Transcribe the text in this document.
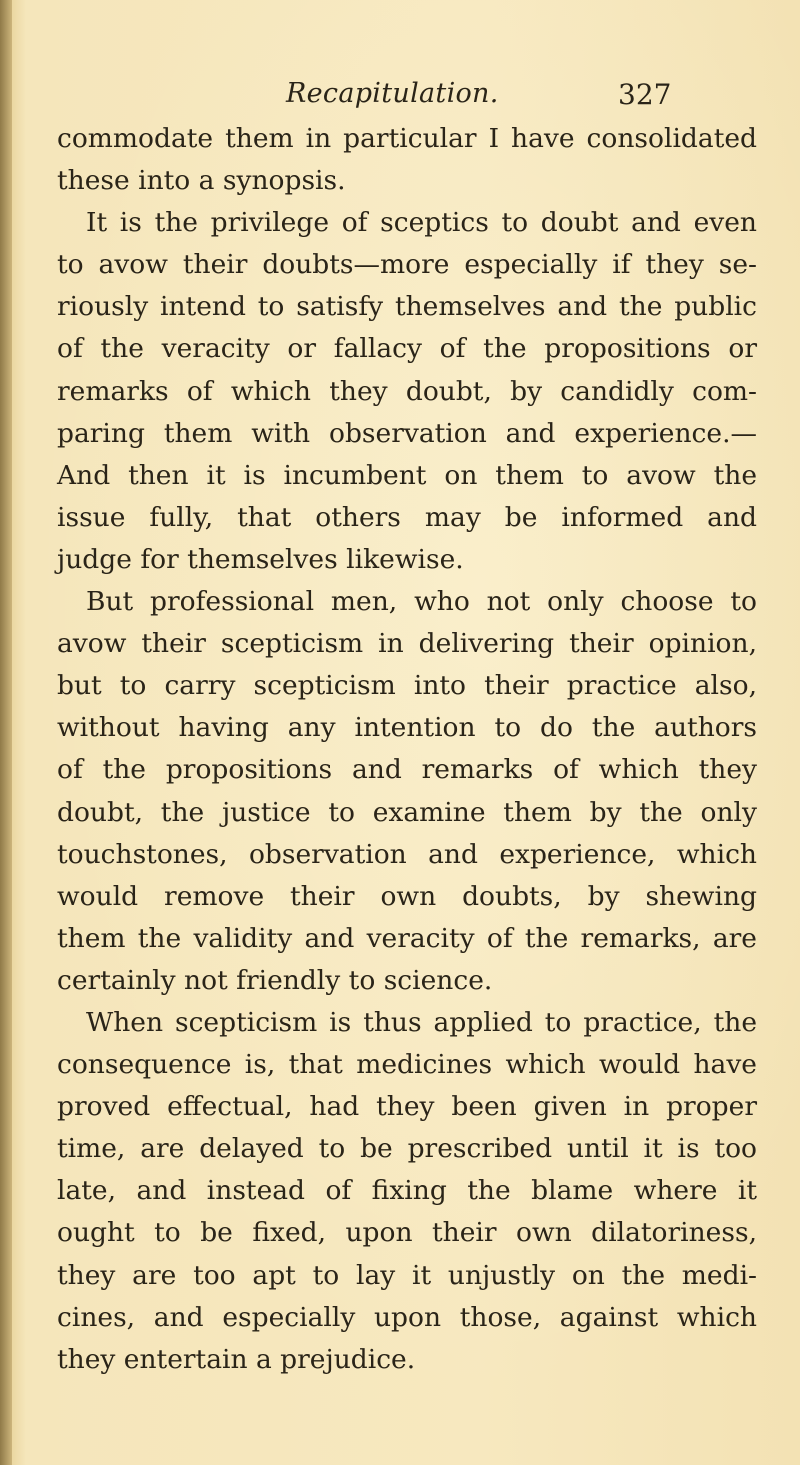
Recapitulation.	327
commodate them in particular I have consolidated
these into a synopsis.
It is the privilege of sceptics to doubt and even
to avow their doubts—more especially if they se-
riously intend to satisfy themselves and the public
of the veracity or fallacy of the propositions or
remarks of which they doubt, by candidly com-
paring them with observation and experience.—
And then it is incumbent on them to avow the
issue fully, that others may be informed and
judge for themselves likewise.
But professional men, who not only choose to
avow their scepticism in delivering their opinion,
but to carry scepticism into their practice also,
without having any intention to do the authors
of the propositions and remarks of which they
doubt, the justice to examine them by the only
touchstones, observation and experience, which
would remove their own doubts, by shewing
them the validity and veracity of the remarks, are
certainly not friendly to science.
When scepticism is thus applied to practice, the
consequence is, that medicines which would have
proved effectual, had they been given in proper
time, are delayed to be prescribed until it is too
late, and instead of fixing the blame where it
ought to be fixed, upon their own dilatoriness,
they are too apt to lay it unjustly on the medi-
cines, and especially upon those, against which
they entertain a prejudice.
